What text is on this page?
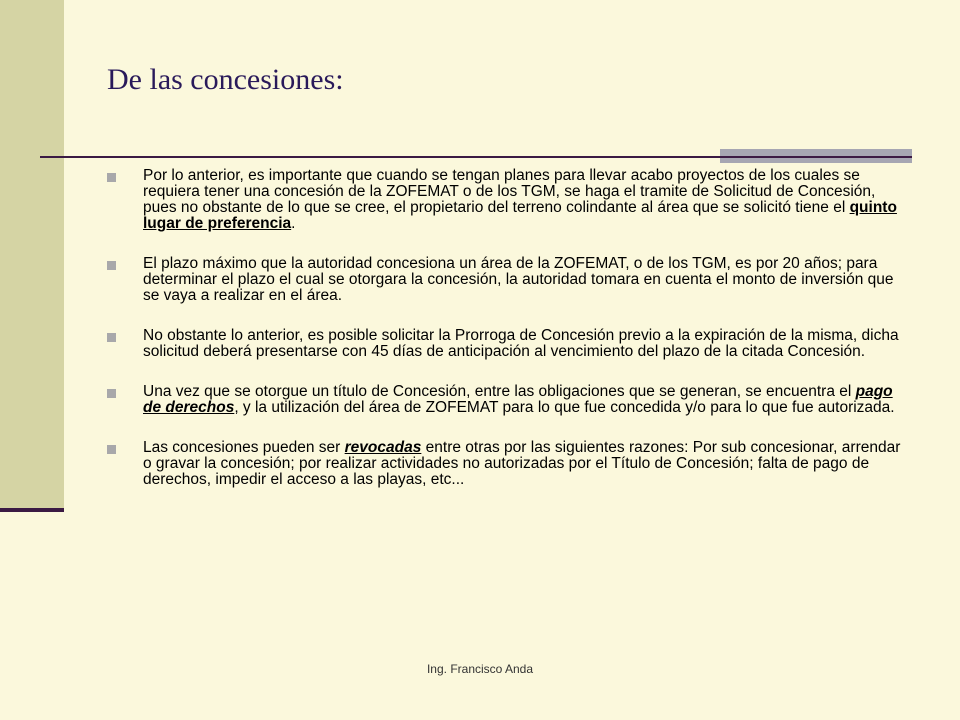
De las concesiones:
Por lo anterior, es importante que cuando se tengan planes para llevar acabo proyectos de los cuales se requiera tener una concesión de la ZOFEMAT o de los TGM, se haga el tramite de Solicitud de Concesión, pues no obstante de lo que se cree, el propietario del terreno colindante al área que se solicitó tiene el quinto lugar de preferencia.
El plazo máximo que la autoridad concesiona un área de la ZOFEMAT, o de los TGM, es por 20 años; para determinar el plazo el cual se otorgara la concesión, la autoridad tomara en cuenta el monto de inversión que se vaya a realizar en el área.
No obstante lo anterior, es posible solicitar la Prorroga de Concesión previo a la expiración de la misma, dicha solicitud deberá presentarse con 45 días de anticipación al vencimiento del plazo de la citada Concesión.
Una vez que se otorgue un título de Concesión, entre las obligaciones que se generan, se encuentra el pago de derechos, y la utilización del área de ZOFEMAT para lo que fue concedida y/o para lo que fue autorizada.
Las concesiones pueden ser revocadas entre otras por las siguientes razones: Por sub concesionar, arrendar o gravar la concesión; por realizar actividades no autorizadas por el Título de Concesión; falta de pago de derechos, impedir el acceso a las playas, etc...
Ing. Francisco Anda
